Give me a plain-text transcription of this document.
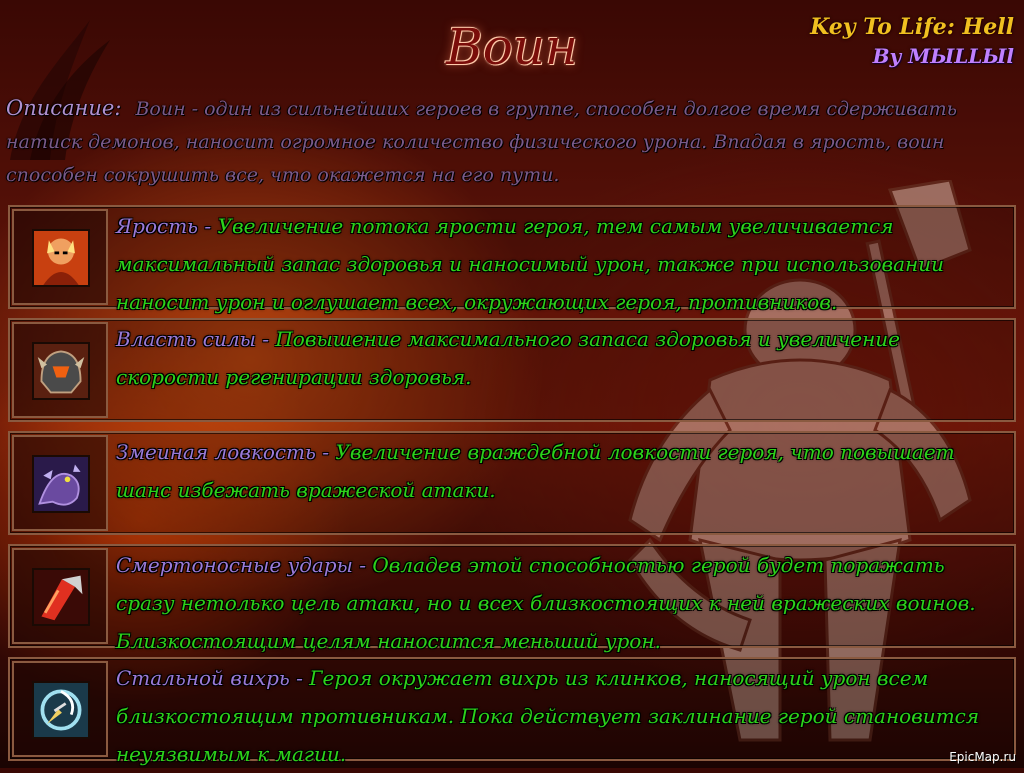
Воин	Key To Life: Hell
By MЫLLЫl
Описание: Воин - один из сильнейших героев в группе, способен долгое время сдерживать натиск демонов, наносит огромное количество физического урона. Впадая в ярость, воин способен сокрушить все, что окажется на его пути.
Ярость - Увеличение потока ярости героя, тем самым увеличивается максимальный запас здоровья и наносимый урон, также при использовании наносит урон и оглушает всех, окружающих героя, противников.
Власть силы - Повышение максимального запаса здоровья и увеличение скорости регенирации здоровья.
Змеиная ловкость - Увеличение враждебной ловкости героя, что повышает шанс избежать вражеской атаки.
Смертоносные удары - Овладев этой способностью герой будет поражать сразу нетолько цель атаки, но и всех близкостоящих к ней вражеских воинов. Близкостоящим целям наносится меньший урон.
Стальной вихрь - Героя окружает вихрь из клинков, наносящий урон всем близкостоящим противникам. Пока действует заклинание герой становится неуязвимым к магии.	EpicMap.ru
